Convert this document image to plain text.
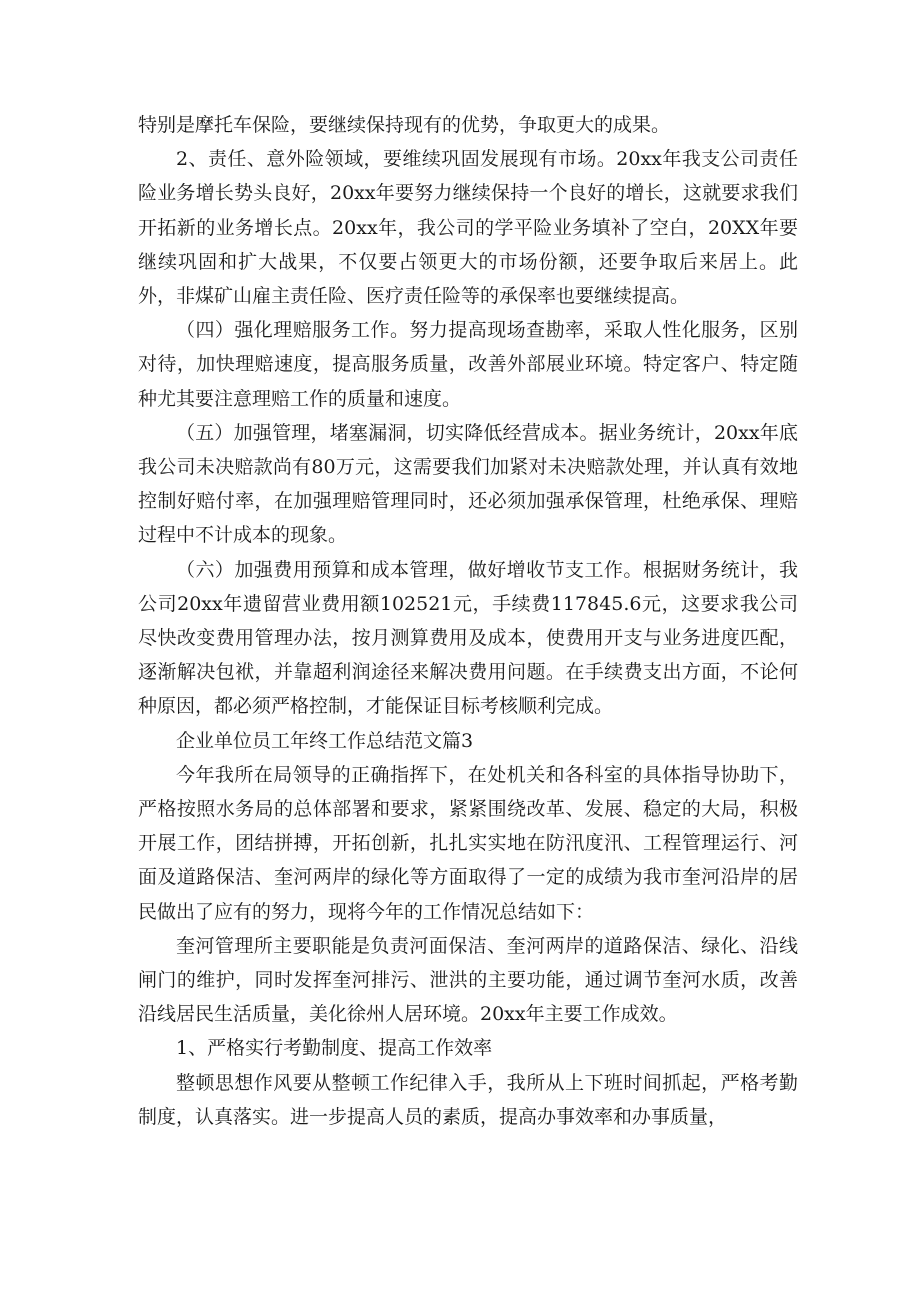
特别是摩托车保险，要继续保持现有的优势，争取更大的成果。

2、责任、意外险领域，要维续巩固发展现有市场。20xx年我支公司责任险业务增长势头良好，20xx年要努力继续保持一个良好的增长，这就要求我们开拓新的业务增长点。20xx年，我公司的学平险业务填补了空白，20XX年要继续巩固和扩大战果，不仅要占领更大的市场份额，还要争取后来居上。此外，非煤矿山雇主责任险、医疗责任险等的承保率也要继续提高。

（四）强化理赔服务工作。努力提高现场查勘率，采取人性化服务，区别对待，加快理赔速度，提高服务质量，改善外部展业环境。特定客户、特定随种尤其要注意理赔工作的质量和速度。

（五）加强管理，堵塞漏洞，切实降低经营成本。据业务统计，20xx年底我公司未决赔款尚有80万元，这需要我们加紧对未决赔款处理，并认真有效地控制好赔付率，在加强理赔管理同时，还必须加强承保管理，杜绝承保、理赔过程中不计成本的现象。

（六）加强费用预算和成本管理，做好增收节支工作。根据财务统计，我公司20xx年遗留营业费用额102521元，手续费117845.6元，这要求我公司尽快改变费用管理办法，按月测算费用及成本，使费用开支与业务进度匹配，逐渐解决包袱，并靠超利润途径来解决费用问题。在手续费支出方面，不论何种原因，都必须严格控制，才能保证目标考核顺利完成。

企业单位员工年终工作总结范文篇3

今年我所在局领导的正确指挥下，在处机关和各科室的具体指导协助下，严格按照水务局的总体部署和要求，紧紧围绕改革、发展、稳定的大局，积极开展工作，团结拼搏，开拓创新，扎扎实实地在防汛度汛、工程管理运行、河面及道路保洁、奎河两岸的绿化等方面取得了一定的成绩为我市奎河沿岸的居民做出了应有的努力，现将今年的工作情况总结如下：

奎河管理所主要职能是负责河面保洁、奎河两岸的道路保洁、绿化、沿线闸门的维护，同时发挥奎河排污、泄洪的主要功能，通过调节奎河水质，改善沿线居民生活质量，美化徐州人居环境。20xx年主要工作成效。

1、严格实行考勤制度、提高工作效率

整顿思想作风要从整顿工作纪律入手，我所从上下班时间抓起，严格考勤制度，认真落实。进一步提高人员的素质，提高办事效率和办事质量，
